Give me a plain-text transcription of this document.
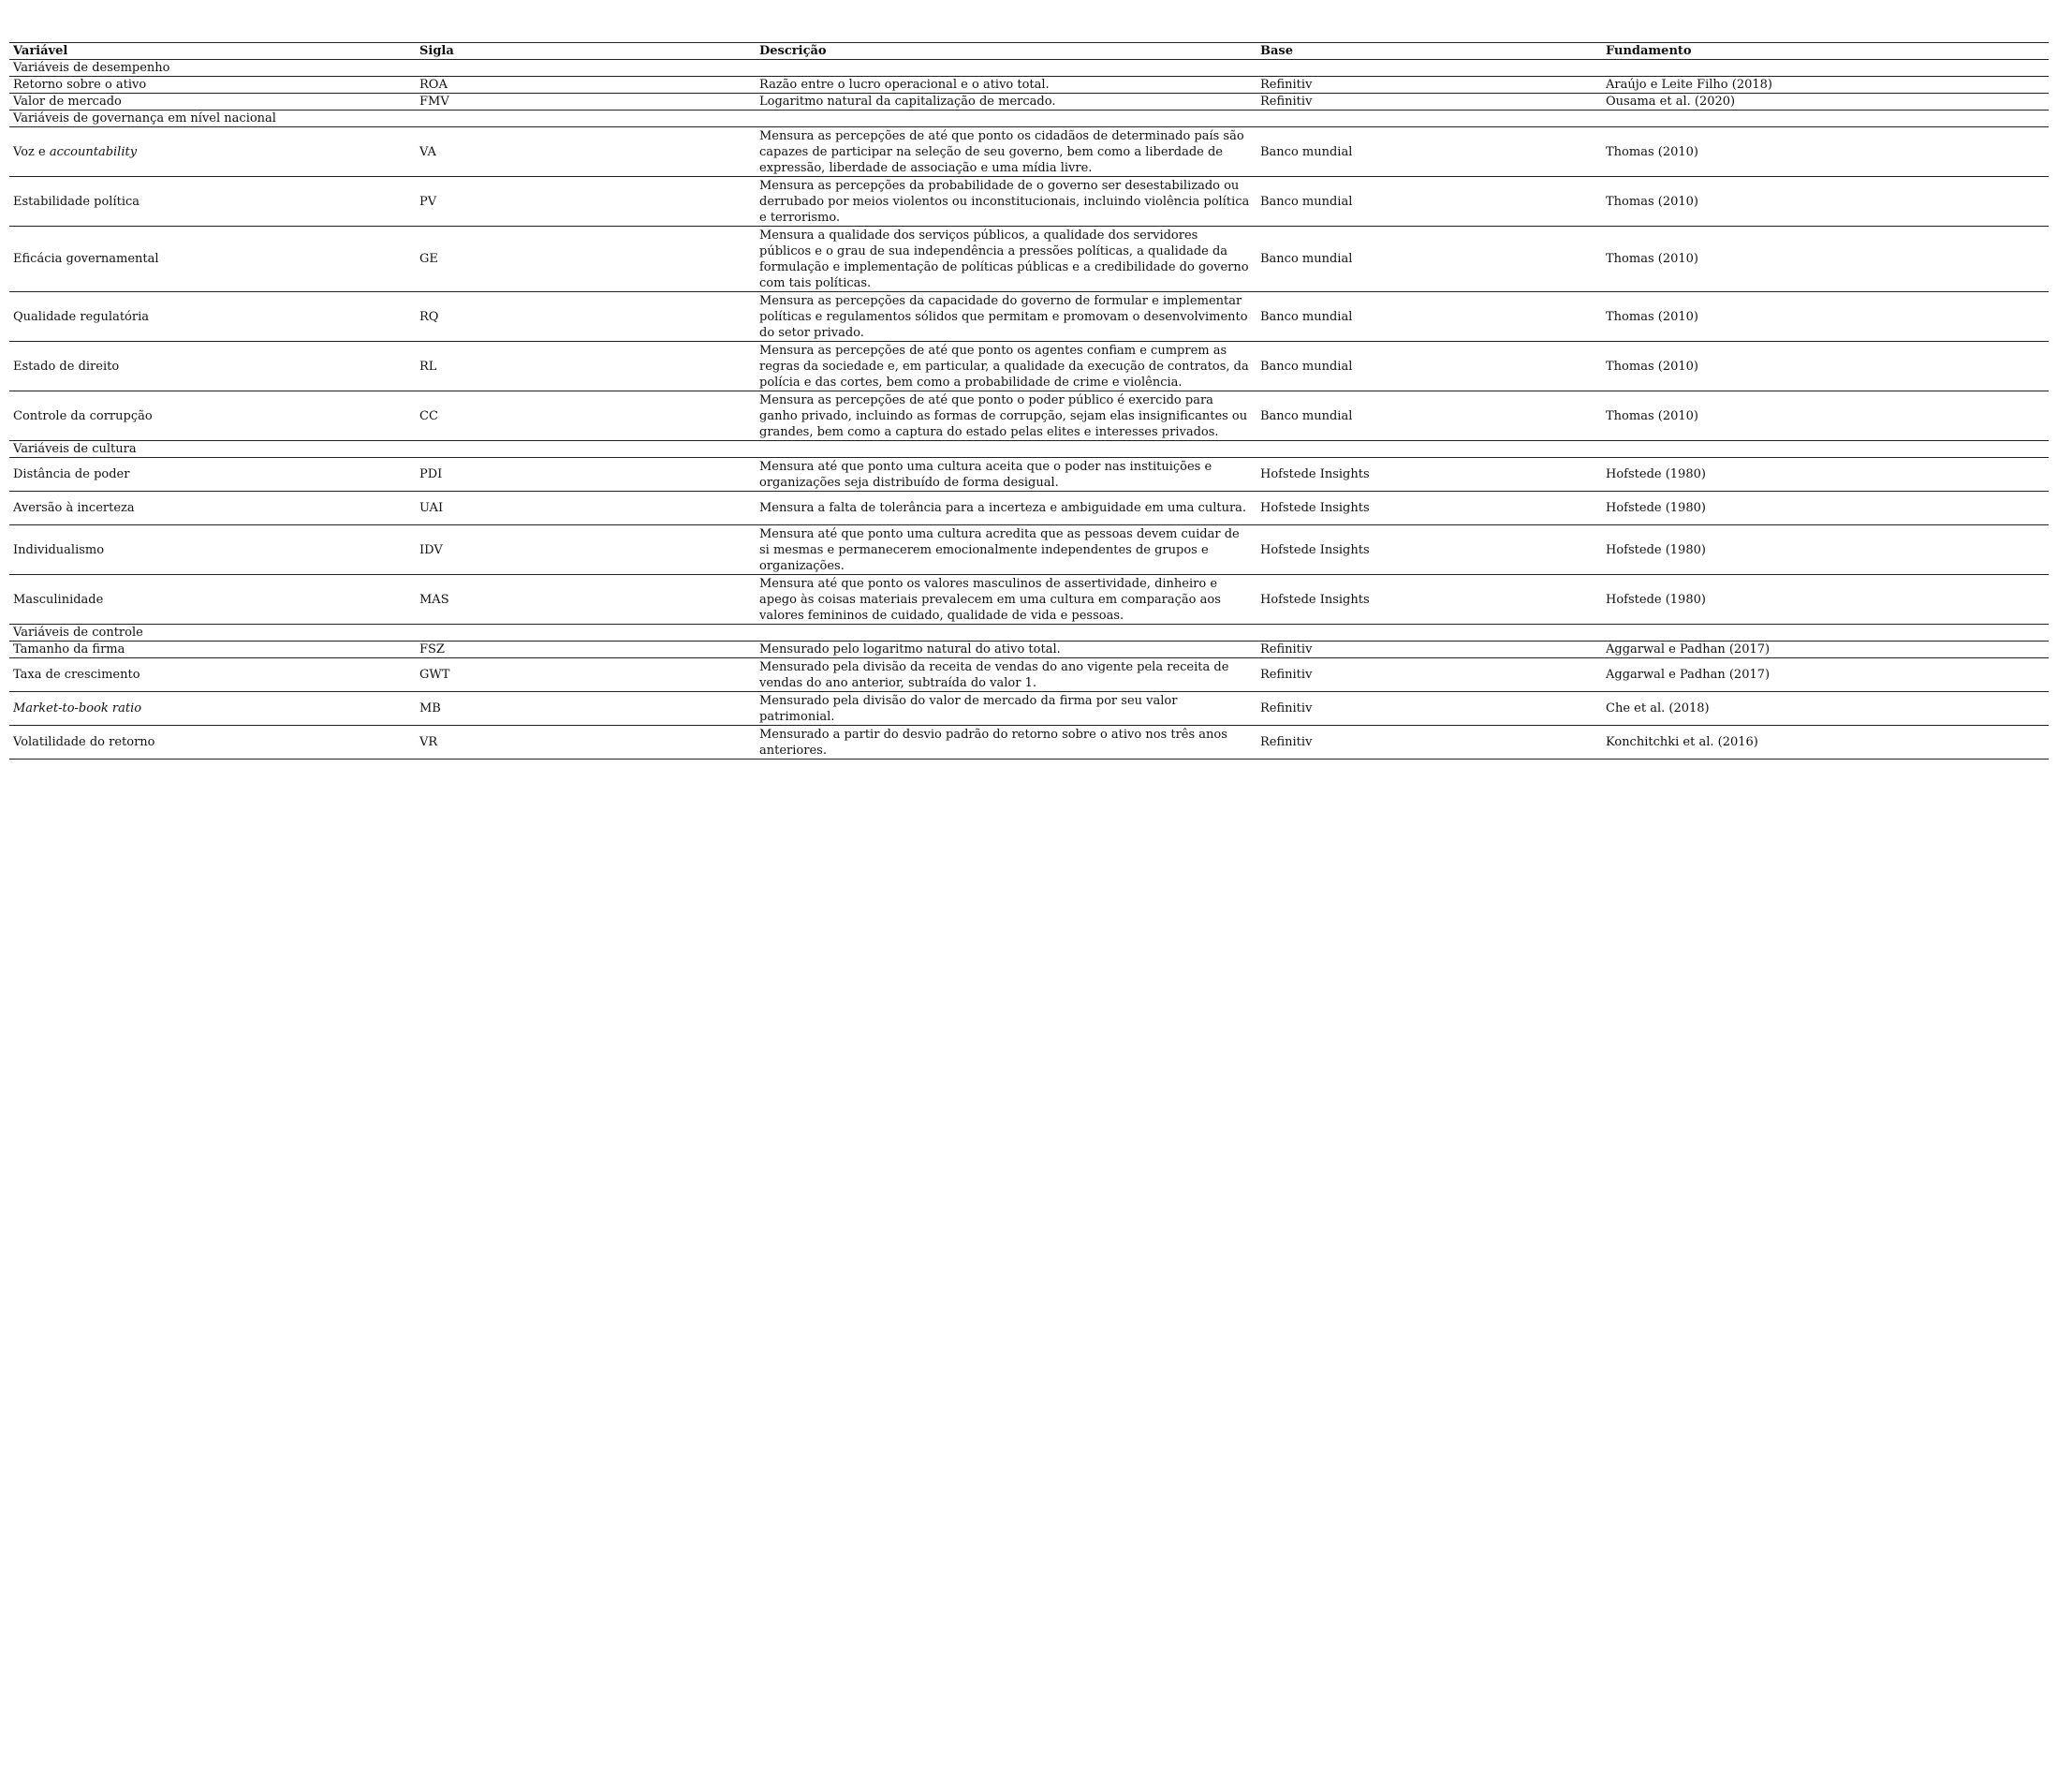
Variável	Sigla	Descrição	Base	Fundamento
Variáveis de desempenho				
Retorno sobre o ativo	ROA	Razão entre o lucro operacional e o ativo total.	Refinitiv	Araújo e Leite Filho (2018)
Valor de mercado	FMV	Logaritmo natural da capitalização de mercado.	Refinitiv	Ousama et al. (2020)
Variáveis de governança em nível nacional				
Voz e accountability	VA	Mensura as percepções de até que ponto os cidadãos de determinado país são capazes de participar na seleção de seu governo, bem como a liberdade de expressão, liberdade de associação e uma mídia livre.	Banco mundial	Thomas (2010)
Estabilidade política	PV	Mensura as percepções da probabilidade de o governo ser desestabilizado ou derrubado por meios violentos ou inconstitucionais, incluindo violência política e terrorismo.	Banco mundial	Thomas (2010)
Eficácia governamental	GE	Mensura a qualidade dos serviços públicos, a qualidade dos servidores públicos e o grau de sua independência a pressões políticas, a qualidade da formulação e implementação de políticas públicas e a credibilidade do governo com tais políticas.	Banco mundial	Thomas (2010)
Qualidade regulatória	RQ	Mensura as percepções da capacidade do governo de formular e implementar políticas e regulamentos sólidos que permitam e promovam o desenvolvimento do setor privado.	Banco mundial	Thomas (2010)
Estado de direito	RL	Mensura as percepções de até que ponto os agentes confiam e cumprem as regras da sociedade e, em particular, a qualidade da execução de contratos, da polícia e das cortes, bem como a probabilidade de crime e violência.	Banco mundial	Thomas (2010)
Controle da corrupção	CC	Mensura as percepções de até que ponto o poder público é exercido para ganho privado, incluindo as formas de corrupção, sejam elas insignificantes ou grandes, bem como a captura do estado pelas elites e interesses privados.	Banco mundial	Thomas (2010)
Variáveis de cultura				
Distância de poder	PDI	Mensura até que ponto uma cultura aceita que o poder nas instituições e organizações seja distribuído de forma desigual.	Hofstede Insights	Hofstede (1980)
Aversão à incerteza	UAI	Mensura a falta de tolerância para a incerteza e ambiguidade em uma cultura.	Hofstede Insights	Hofstede (1980)
Individualismo	IDV	Mensura até que ponto uma cultura acredita que as pessoas devem cuidar de si mesmas e permanecerem emocionalmente independentes de grupos e organizações.	Hofstede Insights	Hofstede (1980)
Masculinidade	MAS	Mensura até que ponto os valores masculinos de assertividade, dinheiro e apego às coisas materiais prevalecem em uma cultura em comparação aos valores femininos de cuidado, qualidade de vida e pessoas.	Hofstede Insights	Hofstede (1980)
Variáveis de controle				
Tamanho da firma	FSZ	Mensurado pelo logaritmo natural do ativo total.	Refinitiv	Aggarwal e Padhan (2017)
Taxa de crescimento	GWT	Mensurado pela divisão da receita de vendas do ano vigente pela receita de vendas do ano anterior, subtraída do valor 1.	Refinitiv	Aggarwal e Padhan (2017)
Market-to-book ratio	MB	Mensurado pela divisão do valor de mercado da firma por seu valor patrimonial.	Refinitiv	Che et al. (2018)
Volatilidade do retorno	VR	Mensurado a partir do desvio padrão do retorno sobre o ativo nos três anos anteriores.	Refinitiv	Konchitchki et al. (2016)
